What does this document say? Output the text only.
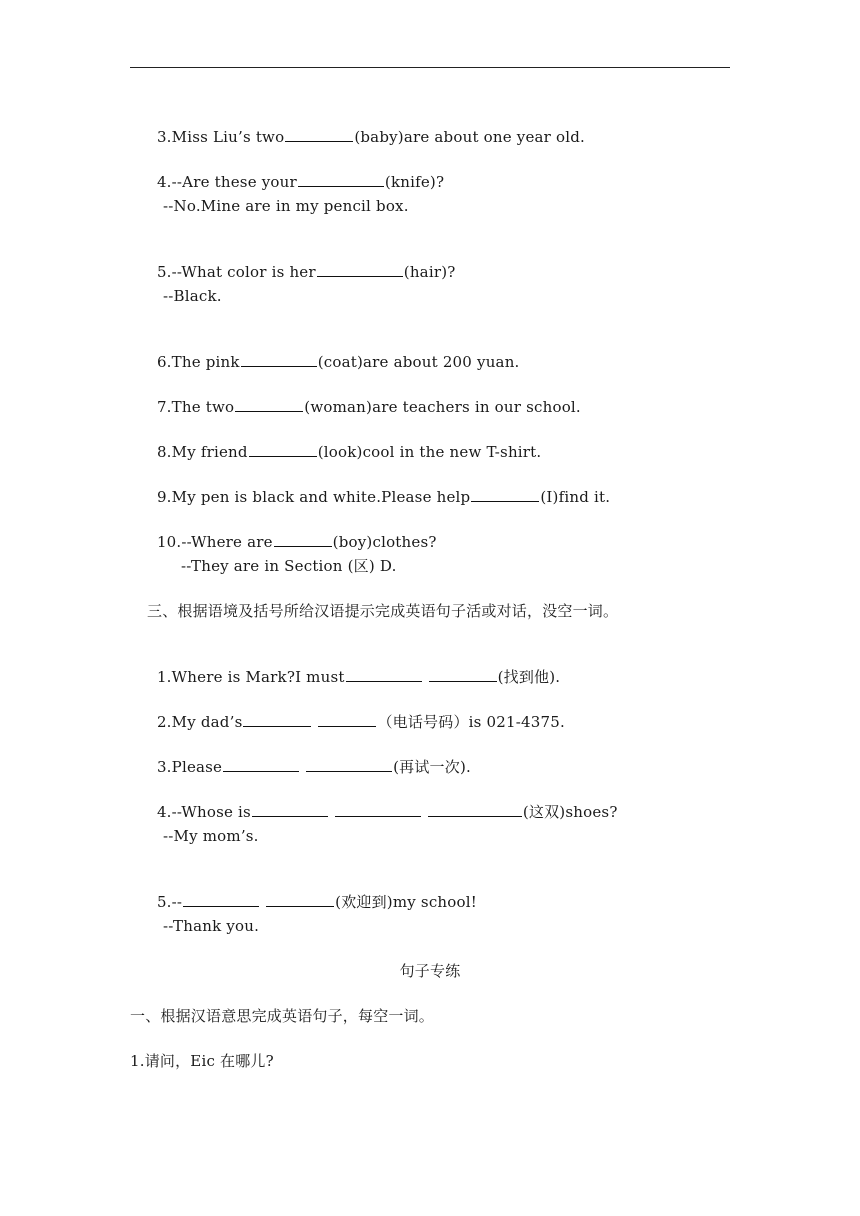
3.Miss Liu’s two	(baby)are about one year old.

4.--Are these your	(knife)?

--No.Mine are in my pencil box.

5.--What color is her	(hair)?

--Black.

6.The pink	(coat)are about 200 yuan.

7.The two	(woman)are teachers in our school.

8.My friend	(look)cool in the new T-shirt.

9.My pen is black and white.Please help	(I)find it.

10.--Where are	(boy)clothes?

--They are in Section (区) D.
三、根据语境及括号所给汉语提示完成英语句子活或对话，没空一词。

1.Where is Mark?I must	(找到他).

2.My dad’s	（电话号码）is 021-4375.

3.Please	(再试一次).

4.--Whose is	(这双)shoes?

--My mom’s.

5.--	(欢迎到)my school!

--Thank you.
句子专练
一、根据汉语意思完成英语句子，每空一词。
1.请问，Eic 在哪儿?
